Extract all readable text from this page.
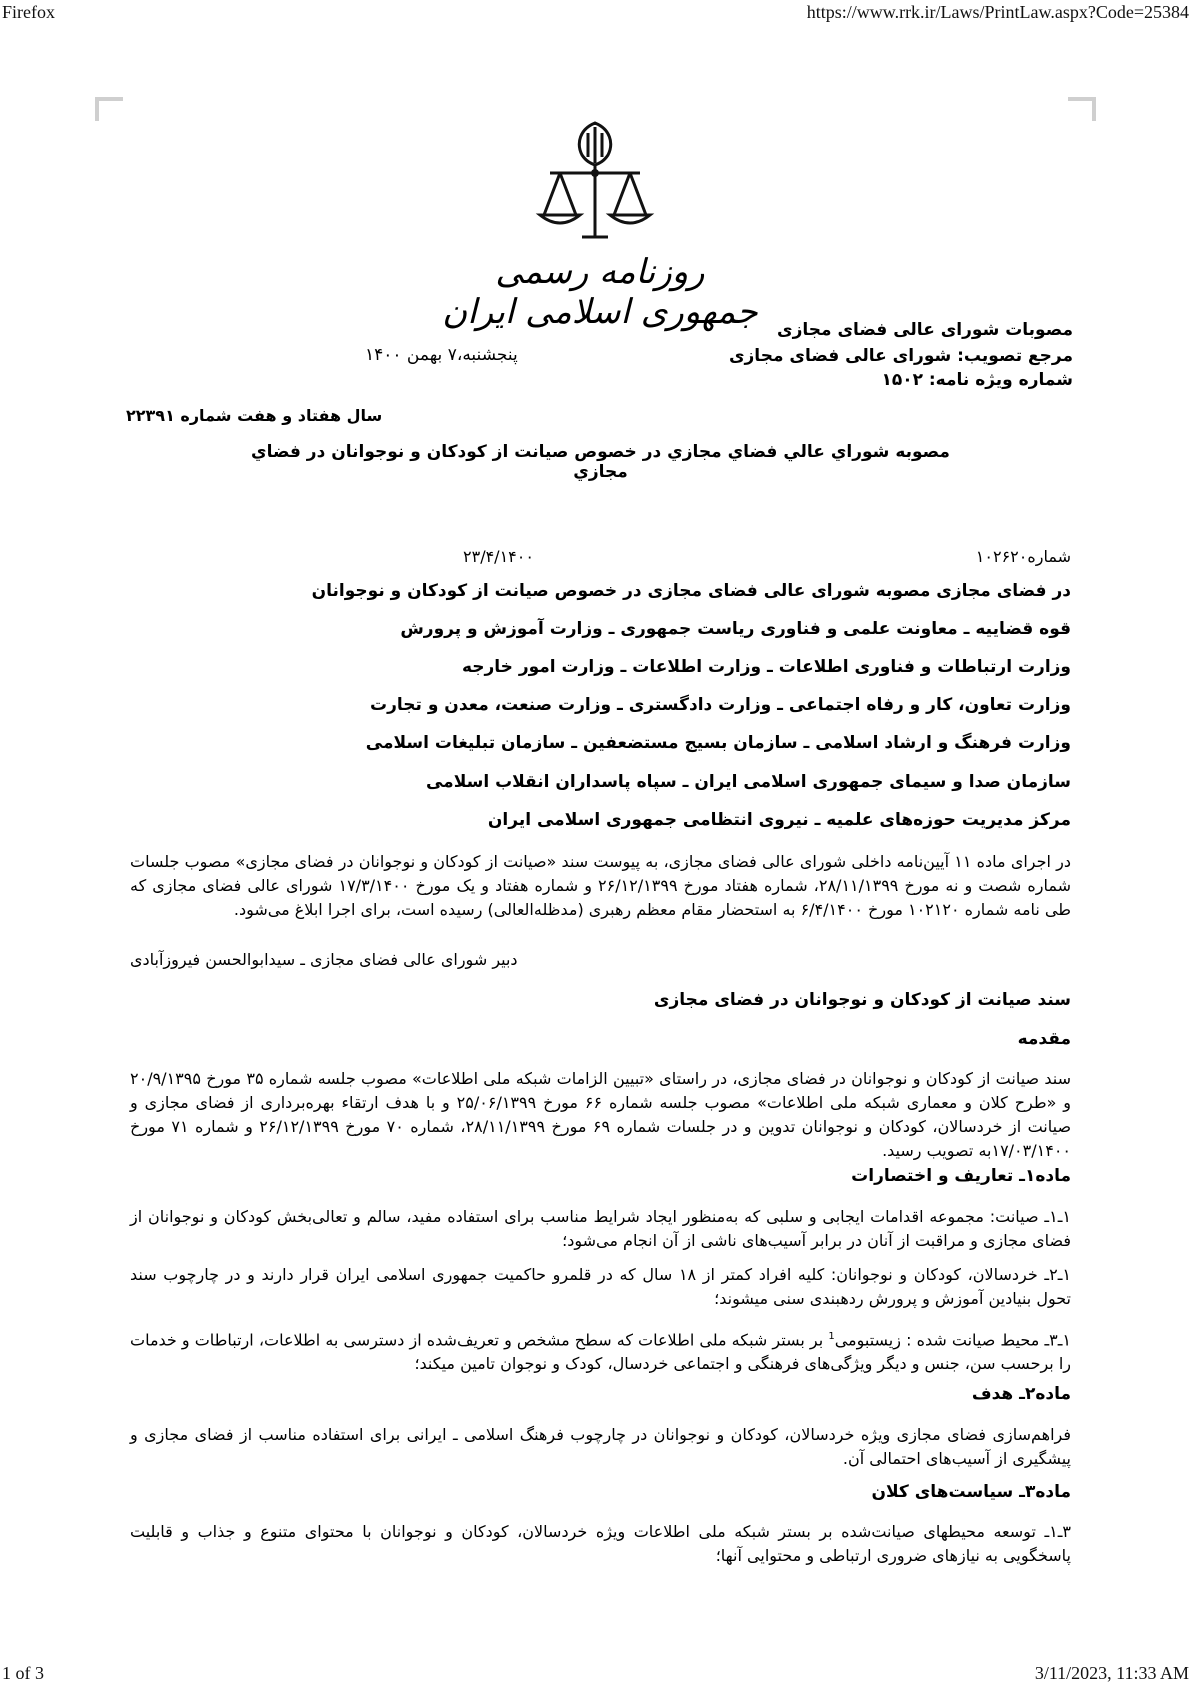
Firefox	https://www.rrk.ir/Laws/PrintLaw.aspx?Code=25384
روزنامه رسمی جمهوری اسلامی ایران	مصوبات شورای عالی فضای مجازی
مرجع تصویب: شورای عالی فضای مجازی
شماره ویژه نامه: ۱۵۰۲
پنجشنبه،۷ بهمن ۱۴۰۰
سال هفتاد و هفت شماره ۲۲۳۹۱
مصوبه شوراي عالي فضاي مجازي در خصوص صيانت از كودكان و نوجوانان در فضاي مجازي
شماره۱۰۲۶۲۰
۲۳/۴/۱۴۰۰
در فضای مجازی مصوبه شورای عالی فضای مجازی در خصوص صیانت از کودکان و نوجوانان
قوه قضاییه ـ معاونت علمی و فناوری ریاست جمهوری ـ وزارت آموزش و پرورش
وزارت ارتباطات و فناوری اطلاعات ـ وزارت اطلاعات ـ وزارت امور خارجه
وزارت تعاون، کار و رفاه اجتماعی ـ وزارت دادگستری ـ وزارت صنعت، معدن و تجارت
وزارت فرهنگ و ارشاد اسلامی ـ سازمان بسیج مستضعفین ـ سازمان تبلیغات اسلامی
سازمان صدا و سیمای جمهوری اسلامی ایران ـ سپاه پاسداران انقلاب اسلامی
مرکز مدیریت حوزه‌های علمیه ـ نیروی انتظامی جمهوری اسلامی ایران
در اجرای ماده ۱۱ آیین‌نامه داخلی شورای عالی فضای مجازی، به پیوست سند «صیانت از کودکان و نوجوانان در فضای مجازی» مصوب جلسات شماره شصت و نه مورخ ۲۸/۱۱/۱۳۹۹، شماره هفتاد مورخ ۲۶/۱۲/۱۳۹۹ و شماره هفتاد و یک مورخ ۱۷/۳/۱۴۰۰ شورای عالی فضای مجازی که طی نامه شماره ۱۰۲۱۲۰ مورخ ۶/۴/۱۴۰۰ به استحضار مقام معظم رهبری (مدظله‌العالی) رسیده است، برای اجرا ابلاغ می‌شود.
دبیر شورای عالی فضای مجازی ـ سیدابوالحسن فیروزآبادی
سند صیانت از کودکان و نوجوانان در فضای مجازی
مقدمه
سند صیانت از کودکان و نوجوانان در فضای مجازی، در راستای «تبیین الزامات شبکه ملی اطلاعات» مصوب جلسه شماره ۳۵ مورخ ۲۰/۹/۱۳۹۵ و «طرح کلان و معماری شبکه ملی اطلاعات» مصوب جلسه شماره ۶۶ مورخ ۲۵/۰۶/۱۳۹۹ و با هدف ارتقاء بهره‌برداری از فضای مجازی و صیانت از خردسالان، کودکان و نوجوانان تدوین و در جلسات شماره ۶۹ مورخ ۲۸/۱۱/۱۳۹۹، شماره ۷۰ مورخ ۲۶/۱۲/۱۳۹۹ و شماره ۷۱ مورخ ۱۷/۰۳/۱۴۰۰به تصویب رسید.
ماده۱ـ تعاریف و اختصارات
۱ـ۱ـ صیانت: مجموعه اقدامات ایجابی و سلبی که به‌منظور ایجاد شرایط مناسب برای استفاده مفید، سالم و تعالی‌بخش کودکان و نوجوانان از فضای مجازی و مراقبت از آنان در برابر آسیب‌های ناشی از آن انجام می‌شود؛
۱ـ۲ـ خردسالان، کودکان و نوجوانان: کلیه افراد کمتر از ۱۸ سال که در قلمرو حاکمیت جمهوری اسلامی ایران قرار دارند و در چارچوب سند تحول بنیادین آموزش و پرورش ردهبندی سنی میشوند؛
۱ـ۳ـ محیط صیانت شده : زیستبومی$^1$ بر بستر شبکه ملی اطلاعات که سطح مشخص و تعریف‌شده از دسترسی به اطلاعات، ارتباطات و خدمات را برحسب سن، جنس و دیگر ویژگی‌های فرهنگی و اجتماعی خردسال، کودک و نوجوان تامین میکند؛
ماده۲ـ هدف
فراهم‌سازی فضای مجازی ویژه خردسالان، کودکان و نوجوانان در چارچوب فرهنگ اسلامی ـ ایرانی برای استفاده مناسب از فضای مجازی و پیشگیری از آسیب‌های احتمالی آن.
ماده۳ـ سیاست‌های کلان
۳ـ۱ـ توسعه محیطهای صیانت‌شده بر بستر شبکه ملی اطلاعات ویژه خردسالان، کودکان و نوجوانان با محتوای متنوع و جذاب و قابلیت پاسخگویی به نیازهای ضروری ارتباطی و محتوایی آنها؛
1 of 3	3/11/2023, 11:33 AM
